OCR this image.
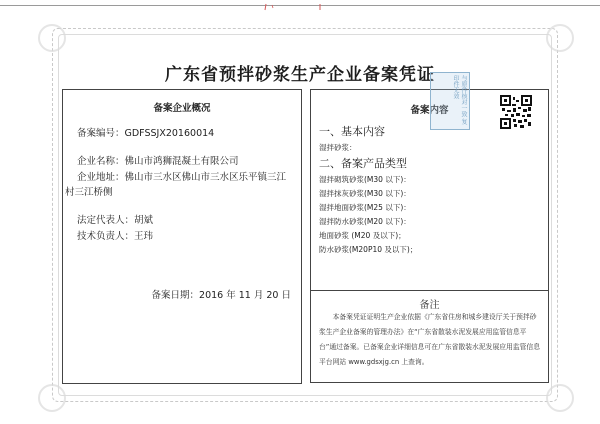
广东省预拌砂浆生产企业备案凭证
备案企业概况
备案编号：GDFSSJX20160014
企业名称：佛山市鸿狮混凝土有限公司
企业地址：佛山市三水区佛山市三水区乐平镇三江
村三江桥侧
法定代表人：胡斌
技术负责人：王玮
备案日期：2016 年 11 月 20 日
备案内容
一、基本内容
湿拌砂浆：
二、备案产品类型
湿拌砌筑砂浆(M30 以下)：
湿拌抹灰砂浆(M30 以下)：
湿拌地面砂浆(M25 以下)：
湿拌防水砂浆(M20 以下)：
地面砂浆 (M20 及以下)；
防水砂浆(M20P10 及以下)；
备注
本备案凭证证明生产企业依据《广东省住房和城乡建设厅关于预拌砂浆生产企业备案的管理办法》在“广东省散装水泥发展应用监管信息平台”通过备案。已备案企业详细信息可在广东省散装水泥发展应用监管信息平台网站 www.gdsxjg.cn 上查询。
与原件核对一致 复印件无效
